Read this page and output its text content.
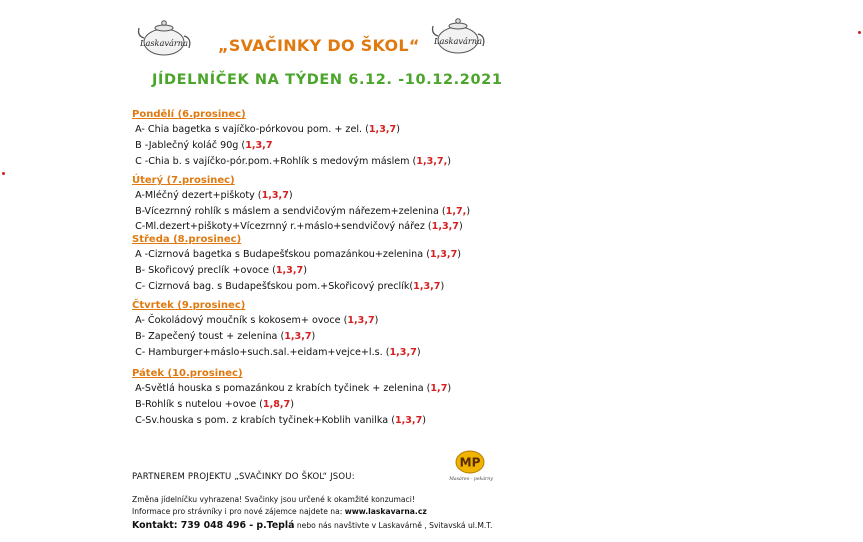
Laskavárna „SVAČINKY DO ŠKOL“ Laskavárna
JÍDELNÍČEK NA TÝDEN 6.12. -10.12.2021
Pondělí (6.prosinec)
A- Chia bagetka s vajíčko-pórkovou pom. + zel. (1,3,7)
B -Jablečný koláč 90g (1,3,7
C -Chia b. s vajíčko-pór.pom.+Rohlík s medovým máslem (1,3,7,)
Úterý (7.prosinec)
A-Mléčný dezert+piškoty (1,3,7)
B-Vícezrnný rohlík s máslem a sendvičovým nářezem+zelenina (1,7,)
C-Ml.dezert+piškoty+Vícezrnný r.+máslo+sendvičový nářez (1,3,7)
Středa (8.prosinec)
A -Cizrnová bagetka s Budapešťskou pomazánkou+zelenina (1,3,7)
B- Skořicový preclík +ovoce (1,3,7)
C- Cizrnová bag. s Budapešťskou pom.+Skořicový preclík(1,3,7)
Čtvrtek (9.prosinec)
A- Čokoládový moučník s kokosem+ ovoce (1,3,7)
B- Zapečený toust + zelenina (1,3,7)
C- Hamburger+máslo+such.sal.+eidam+vejce+l.s. (1,3,7)
Pátek (10.prosinec)
A-Světlá houska s pomazánkou z krabích tyčinek + zelenina (1,7)
B-Rohlík s nutelou +ovoe (1,8,7)
C-Sv.houska s pom. z krabích tyčinek+Koblih vanilka (1,3,7)
PARTNEREM PROJEKTU „SVAČINKY DO ŠKOL“ JSOU:
MP
Masáreo - pekárny
Změna jídelníčku vyhrazena! Svačinky jsou určené k okamžité konzumaci!
Informace pro strávníky i pro nové zájemce najdete na: www.laskavarna.cz
Kontakt: 739 048 496 - p.Teplá nebo nás navštivte v Laskavárně , Svitavská ul.M.T.
